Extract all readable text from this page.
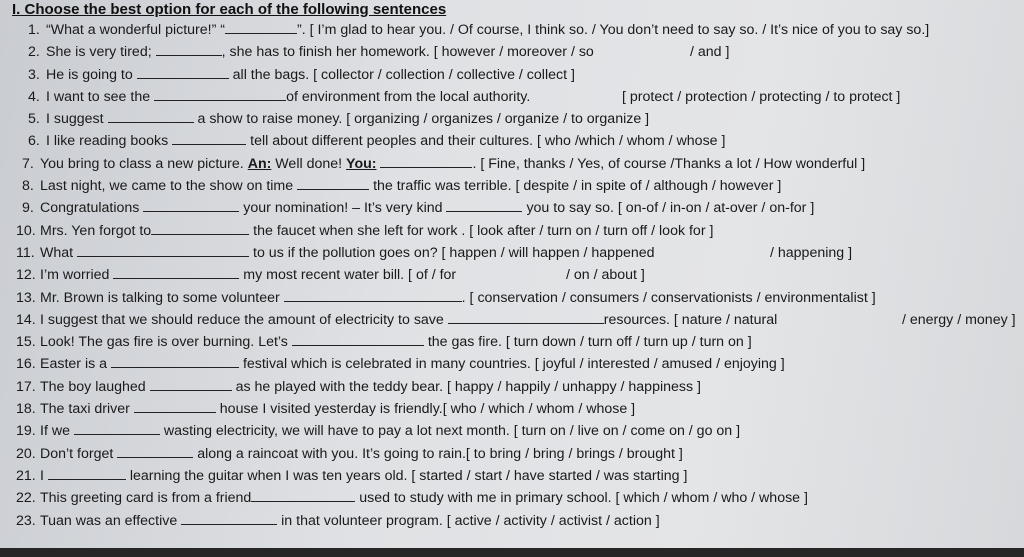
I. Choose the best option for each of the following sentences
1. “What a wonderful picture!” “	”. [ I’m glad to hear you. / Of course, I think so. / You don’t need to say so. / It’s nice of you to say so.]
2. She is very tired;	, she has to finish her homework. [ however / moreover / so	/ and ]
3. He is going to	all the bags. [ collector / collection / collective / collect ]
4. I want to see the	of environment from the local authority.	[ protect / protection / protecting / to protect ]
5. I suggest	a show to raise money. [ organizing / organizes / organize / to organize ]
6. I like reading books	tell about different peoples and their cultures. [ who /which / whom / whose ]
7. You bring to class a new picture. An: Well done! You:	. [ Fine, thanks / Yes, of course /Thanks a lot / How wonderful ]
8. Last night, we came to the show on time	the traffic was terrible. [ despite / in spite of / although / however ]
9. Congratulations	your nomination! – It’s very kind	you to say so. [ on-of / in-on / at-over / on-for ]
10. Mrs. Yen forgot to	the faucet when she left for work . [ look after / turn on / turn off / look for ]
11. What	to us if the pollution goes on? [ happen / will happen / happened	/ happening ]
12. I’m worried	my most recent water bill. [ of / for	/ on / about ]
13. Mr. Brown is talking to some volunteer	. [ conservation / consumers / conservationists / environmentalist ]
14. I suggest that we should reduce the amount of electricity to save	resources. [ nature / natural	/ energy / money ]
15. Look! The gas fire is over burning. Let’s	the gas fire. [ turn down / turn off / turn up / turn on ]
16. Easter is a	festival which is celebrated in many countries. [ joyful / interested / amused / enjoying ]
17. The boy laughed	as he played with the teddy bear. [ happy / happily / unhappy / happiness ]
18. The taxi driver	house I visited yesterday is friendly.[ who / which / whom / whose ]
19. If we	wasting electricity, we will have to pay a lot next month. [ turn on / live on / come on / go on ]
20. Don’t forget	along a raincoat with you. It’s going to rain.[ to bring / bring / brings / brought ]
21. I	learning the guitar when I was ten years old. [ started / start / have started / was starting ]
22. This greeting card is from a friend	used to study with me in primary school. [ which / whom / who / whose ]
23. Tuan was an effective	in that volunteer program. [ active / activity / activist / action ]
